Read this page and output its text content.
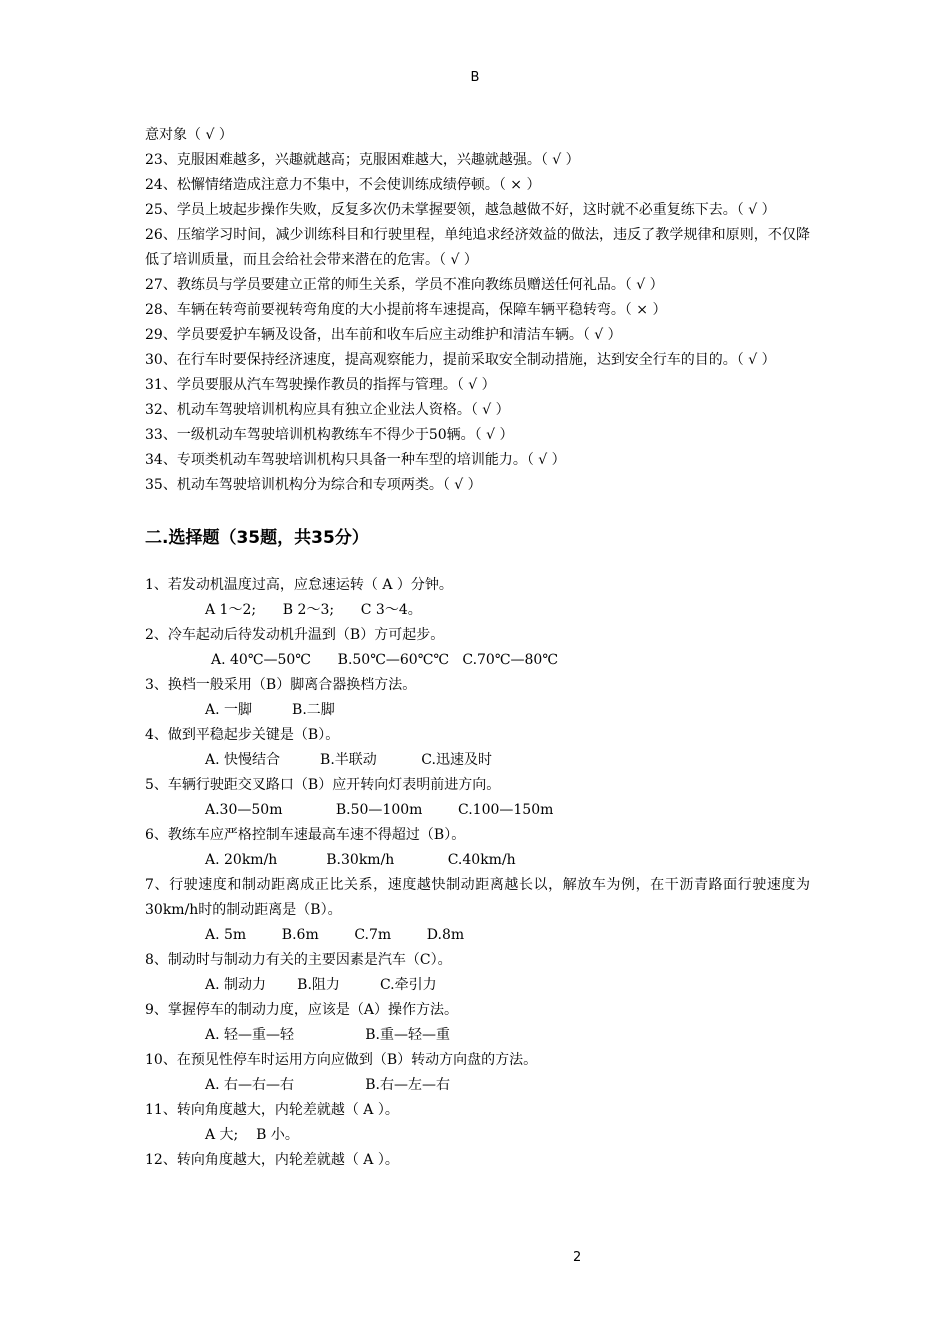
B

意对象（ √ ）

23、克服困难越多，兴趣就越高；克服困难越大，兴趣就越强。（ √ ）

24、松懈情绪造成注意力不集中，不会使训练成绩停顿。（ × ）

25、学员上坡起步操作失败，反复多次仍未掌握要领，越急越做不好，这时就不必重复练下去。（ √ ）

26、压缩学习时间，减少训练科目和行驶里程，单纯追求经济效益的做法，违反了教学规律和原则，不仅降低了培训质量，而且会给社会带来潜在的危害。（ √ ）

27、教练员与学员要建立正常的师生关系，学员不准向教练员赠送任何礼品。（ √ ）

28、车辆在转弯前要视转弯角度的大小提前将车速提高，保障车辆平稳转弯。（ × ）

29、学员要爱护车辆及设备，出车前和收车后应主动维护和清洁车辆。（ √ ）

30、在行车时要保持经济速度，提高观察能力，提前采取安全制动措施，达到安全行车的目的。（ √ ）

31、学员要服从汽车驾驶操作教员的指挥与管理。（ √ ）

32、机动车驾驶培训机构应具有独立企业法人资格。（ √ ）

33、一级机动车驾驶培训机构教练车不得少于50辆。（ √ ）

34、专项类机动车驾驶培训机构只具备一种车型的培训能力。（ √ ）

35、机动车驾驶培训机构分为综合和专项两类。（ √ ）

二.选择题（35题，共35分）

1、若发动机温度过高，应怠速运转（ A ）分钟。

A 1～2;      B 2～3;      C 3～4。

2、冷车起动后待发动机升温到（B）方可起步。

A. 40℃—50℃      B.50℃—60℃℃   C.70℃—80℃

3、换档一般采用（B）脚离合器换档方法。

A. 一脚         B.二脚

4、做到平稳起步关键是（B）。

A. 快慢结合         B.半联动          C.迅速及时

5、车辆行驶距交叉路口（B）应开转向灯表明前进方向。

A.30—50m            B.50—100m        C.100—150m

6、教练车应严格控制车速最高车速不得超过（B）。

A. 20km/h           B.30km/h            C.40km/h

7、行驶速度和制动距离成正比关系，速度越快制动距离越长以，解放车为例，在干沥青路面行驶速度为30km/h时的制动距离是（B）。

A. 5m        B.6m        C.7m        D.8m

8、制动时与制动力有关的主要因素是汽车（C）。

A. 制动力       B.阻力         C.牵引力

9、掌握停车的制动力度，应该是（A）操作方法。

A. 轻—重—轻                B.重—轻—重

10、在预见性停车时运用方向应做到（B）转动方向盘的方法。

A. 右—右—右                B.右—左—右

11、转向角度越大，内轮差就越（ A ）。

A 大;    B 小。

12、转向角度越大，内轮差就越（ A ）。

2
